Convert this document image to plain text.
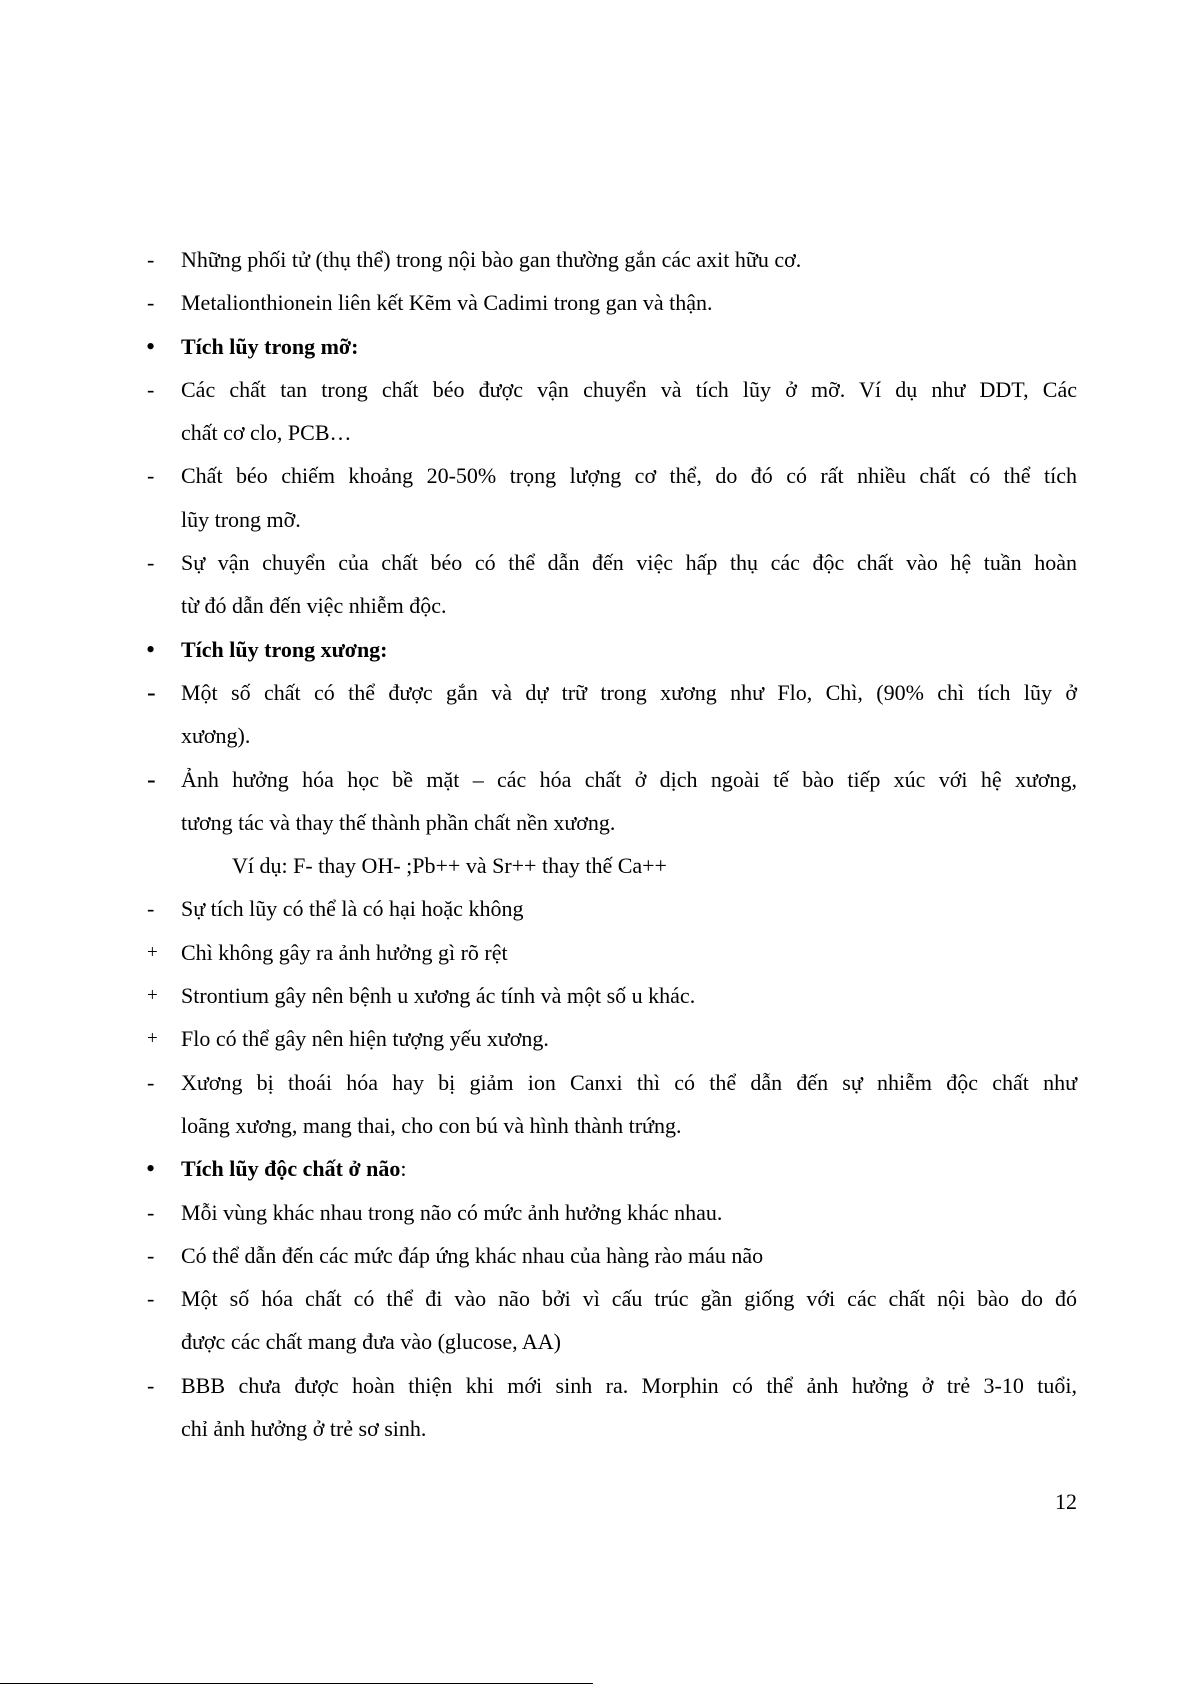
-	Những phối tử (thụ thể) trong nội bào gan thường gắn các axit hữu cơ.
-	Metalionthionein liên kết Kẽm và Cadimi trong gan và thận.
•	Tích lũy trong mỡ:
-	Các chất tan trong chất béo được vận chuyển và tích lũy ở mỡ. Ví dụ như DDT, Các
chất cơ clo, PCB…
-	Chất béo chiếm khoảng 20-50% trọng lượng cơ thể, do đó có rất nhiều chất có thể tích
lũy trong mỡ.
-	Sự vận chuyển của chất béo có thể dẫn đến việc hấp thụ các độc chất vào hệ tuần hoàn
từ đó dẫn đến việc nhiễm độc.
•	Tích lũy trong xương:
-	Một số chất có thể được gắn và dự trữ trong xương như Flo, Chì, (90% chì tích lũy ở
xương).
-	Ảnh hưởng hóa học bề mặt – các hóa chất ở dịch ngoài tế bào tiếp xúc với hệ xương,
tương tác và thay thế thành phần chất nền xương.
Ví dụ: F- thay OH- ;Pb++ và Sr++ thay thế Ca++
-	Sự tích lũy có thể là có hại hoặc không
+	Chì không gây ra ảnh hưởng gì rõ rệt
+	Strontium gây nên bệnh u xương ác tính và một số u khác.
+	Flo có thể gây nên hiện tượng yếu xương.
-	Xương bị thoái hóa hay bị giảm ion Canxi thì có thể dẫn đến sự nhiễm độc chất như
loãng xương, mang thai, cho con bú và hình thành trứng.
•	Tích lũy độc chất ở não:
-	Mỗi vùng khác nhau trong não có mức ảnh hưởng khác nhau.
-	Có thể dẫn đến các mức đáp ứng khác nhau của hàng rào máu não
-	Một số hóa chất có thể đi vào não bởi vì cấu trúc gần giống với các chất nội bào do đó
được các chất mang đưa vào (glucose, AA)
-	BBB chưa được hoàn thiện khi mới sinh ra. Morphin có thể ảnh hưởng ở trẻ 3-10 tuổi,
chỉ ảnh hưởng ở trẻ sơ sinh.
12
